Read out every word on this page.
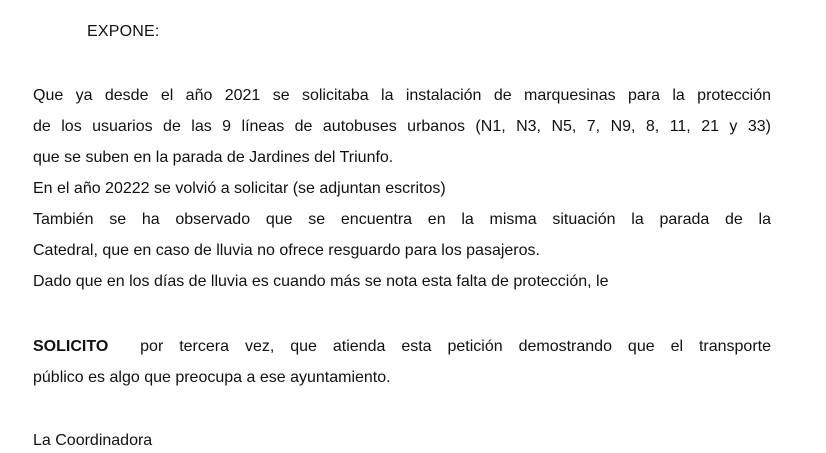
EXPONE:
Que ya desde el año 2021 se solicitaba la instalación de marquesinas para la protección
de los usuarios de las 9 líneas de autobuses urbanos (N1, N3, N5, 7, N9, 8, 11, 21 y 33)
que se suben en la parada de Jardines del Triunfo.
En el año 20222 se volvió a solicitar (se adjuntan escritos)
También se ha observado que se encuentra en la misma situación la parada de la
Catedral, que en caso de lluvia no ofrece resguardo para los pasajeros.
Dado que en los días de lluvia es cuando más se nota esta falta de protección, le
SOLICITO  por tercera vez, que atienda esta petición demostrando que el transporte
público es algo que preocupa a ese ayuntamiento.
La Coordinadora
